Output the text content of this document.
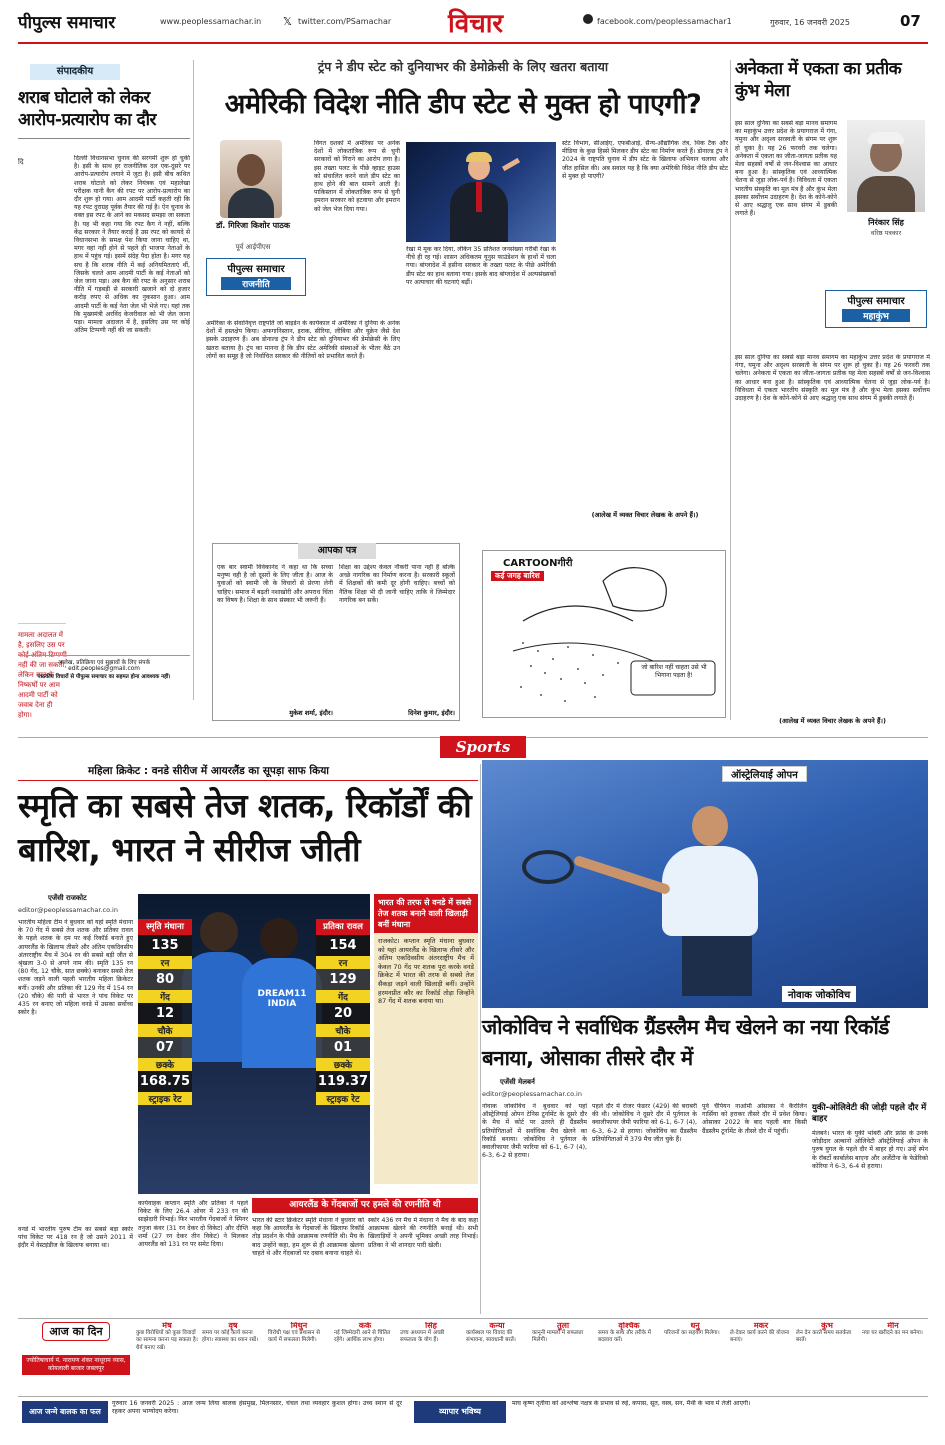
पीपुल्स समाचार	www.peoplessamachar.in 𝕏 twitter.com/PSamachar विचार	facebook.com/peoplessamachar1	गुरुवार, 16 जनवरी 2025	07
संपादकीय
शराब घोटाले को लेकर आरोप-प्रत्यारोप का दौर
दिल्ली विधानसभा चुनाव की सरगर्मी शुरू हो चुकी है। इसी के साथ हर राजनीतिक दल एक-दूसरे पर आरोप-प्रत्यारोप लगाने में जुटा है। इसी बीच कथित शराब घोटाले को लेकर नियंत्रक एवं महालेखा परीक्षक यानी कैग की रपट पर आरोप-प्रत्यारोप का दौर शुरू हो गया। आम आदमी पार्टी कहती रही कि यह रपट दुराग्रह पूर्वक तैयार की गई है। ऐन चुनाव के वक्त इस रपट के आने का मकसद समझा जा सकता है। यह भी कहा गया कि रपट कैग ने नहीं, बल्कि केंद्र सरकार ने तैयार कराई है उस रपट को कायदे से विधानसभा के समक्ष पेश किया जाना चाहिए था, मगर वहां नहीं होने से पहले ही भाजपा नेताओं के हाथ में पहुंच गई। इसमें संदेह पैदा होता है। मगर यह सच है कि शराब नीति में कई अनियमितताएं थीं, जिसके चलते आम आदमी पार्टी के कई नेताओं को जेल जाना पड़ा। अब कैग की रपट के अनुसार शराब नीति में गड़बड़ी से सरकारी खजाने को दो हजार करोड़ रुपए से अधिक का नुकसान हुआ। आम आदमी पार्टी के कई नेता जेल भी भेजे गए। यहां तक कि मुख्यमंत्री अरविंद केजरीवाल को भी जेल जाना पड़ा। मामला अदालत में है, इसलिए उस पर कोई अंतिम टिप्पणी नहीं की जा सकती।
दि
मामला अदालत में है, इसलिए उस पर कोई अंतिम टिप्पणी नहीं की जा सकती, लेकिन रपट के निष्कर्षों पर आम आदमी पार्टी को जवाब देना ही होगा।
आलेख, प्रतिक्रिया एवं सुझावों के लिए संपर्क
edit.peoples@gmail.com
पाठकीय विचारों से पीपुल्स समाचार का सहमत होना आवश्यक नहीं।
ट्रंप ने डीप स्टेट को दुनियाभर की डेमोक्रेसी के लिए खतरा बताया
अमेरिकी विदेश नीति डीप स्टेट से मुक्त हो पाएगी?
डॉ. गिरिजा किशोर पाठक
पूर्व आईपीएस
पीपुल्स समाचार
राजनीति
विगत दशकों में अमेरिका पर अनेक देशों में लोकतांत्रिक रूप से चुनी सरकारों को गिराने का आरोप लगा है। इस तख्ता पलट के पीछे व्हाइट हाउस को संचालित करने वाले डीप स्टेट का हाथ होने की बात सामने आती है। पाकिस्तान में लोकतांत्रिक रूप से चुनी इमरान सरकार को हटवाया और इमरान को जेल भेज दिया गया।
अमेरिका के सेवानिवृत्त राष्ट्रपति जो बाइडेन के कार्यकाल में अमेरिका ने दुनिया के अनेक देशों में हस्तक्षेप किया। अफगानिस्तान, इराक, सीरिया, लीबिया और यूक्रेन जैसे देश इसके उदाहरण हैं। अब डोनाल्ड ट्रंप ने डीप स्टेट को दुनियाभर की डेमोक्रेसी के लिए खतरा बताया है। ट्रंप का मानना है कि डीप स्टेट अमेरिकी संस्थाओं के भीतर बैठे उन लोगों का समूह है जो निर्वाचित सरकार की नीतियों को प्रभावित करते हैं।
रेखा में मूक कर दिया, लेकिन 35 प्रतिशत जनसंख्या गरीबी रेखा के नीचे ही रह गई। शासन अधिकतम यूनुस फाउंडेशन के हाथों में चला गया। बांग्लादेश में हसीना सरकार के तख्ता पलट के पीछे अमेरिकी डीप स्टेट का हाथ बताया गया। इसके बाद बांग्लादेश में अल्पसंख्यकों पर अत्याचार की घटनाएं बढ़ीं।
स्टेट विभाग, सीआईए, एफबीआई, सैन्य-औद्योगिक तंत्र, थिंक टैंक और मीडिया के कुछ हिस्से मिलकर डीप स्टेट का निर्माण करते हैं। डोनाल्ड ट्रंप ने 2024 के राष्ट्रपति चुनाव में डीप स्टेट के खिलाफ अभियान चलाया और जीत हासिल की। अब सवाल यह है कि क्या अमेरिकी विदेश नीति डीप स्टेट से मुक्त हो पाएगी?
(आलेख में व्यक्त विचार लेखक के अपने हैं।)
आपका पत्र
एक बार स्वामी विवेकानंद ने कहा था कि सच्चा मनुष्य वही है जो दूसरों के लिए जीता है। आज के युवाओं को स्वामी जी के विचारों से प्रेरणा लेनी चाहिए। समाज में बढ़ती नशाखोरी और अपराध चिंता का विषय है। शिक्षा के साथ संस्कार भी जरूरी हैं।
मुकेश शर्मा, इंदौर।
शिक्षा का उद्देश्य केवल नौकरी पाना नहीं है बल्कि अच्छे नागरिक का निर्माण करना है। सरकारी स्कूलों में शिक्षकों की कमी दूर होनी चाहिए। बच्चों को नैतिक शिक्षा भी दी जानी चाहिए ताकि वे जिम्मेदार नागरिक बन सकें।
दिनेश कुमार, इंदौर।
CARTOONगीरी
कई जगह बारिश
जो बारिश नहीं चाहता उसे भी भिगाना पड़ता है!
अनेकता में एकता का प्रतीक कुंभ मेला
इस साल दुनिया का सबसे बड़ा मानव समागम का महाकुंभ उत्तर प्रदेश के प्रयागराज में गंगा, यमुना और अदृश्य सरस्वती के संगम पर शुरू हो चुका है। यह 26 फरवरी तक चलेगा। अनेकता में एकता का जीता-जागता प्रतीक यह मेला सहस्त्रों वर्षों से जन-विश्वास का आधार बना हुआ है। सांस्कृतिक एवं आध्यात्मिक चेतना से जुड़ा लोक-पर्व है। विविधता में एकता भारतीय संस्कृति का मूल मंत्र है और कुंभ मेला इसका सर्वोत्तम उदाहरण है। देश के कोने-कोने से आए श्रद्धालु एक साथ संगम में डुबकी लगाते हैं।
निरंकार सिंह
वरिष्ठ पत्रकार
पीपुल्स समाचार
महाकुंभ
इस साल दुनिया का सबसे बड़ा मानव समागम का महाकुंभ उत्तर प्रदेश के प्रयागराज में गंगा, यमुना और अदृश्य सरस्वती के संगम पर शुरू हो चुका है। यह 26 फरवरी तक चलेगा। अनेकता में एकता का जीता-जागता प्रतीक यह मेला सहस्त्रों वर्षों से जन-विश्वास का आधार बना हुआ है। सांस्कृतिक एवं आध्यात्मिक चेतना से जुड़ा लोक-पर्व है। विविधता में एकता भारतीय संस्कृति का मूल मंत्र है और कुंभ मेला इसका सर्वोत्तम उदाहरण है। देश के कोने-कोने से आए श्रद्धालु एक साथ संगम में डुबकी लगाते हैं।
(आलेख में व्यक्त विचार लेखक के अपने हैं।)
Sports
महिला क्रिकेट : वनडे सीरीज में आयरलैंड का सूपड़ा साफ किया
स्मृति का सबसे तेज शतक, रिकॉर्डों की बारिश, भारत ने सीरीज जीती
एजेंसी राजकोट
editor@peoplessamachar.co.in
भारतीय महिला टीम ने बुधवार को यहां स्मृति मंधाना के 70 गेंद में सबसे तेज शतक और प्रतिका रावल के पहले शतक के दम पर कई रिकॉर्ड बनाते हुए आयरलैंड के खिलाफ तीसरे और अंतिम एकदिवसीय अंतरराष्ट्रीय मैच में 304 रन की सबसे बड़ी जीत से श्रृंखला 3-0 से अपने नाम की। स्मृति 135 रन (80 गेंद, 12 चौके, सात छक्के) बनाकर सबसे तेज शतक जड़ने वाली पहली भारतीय महिला क्रिकेटर बनीं। उनकी और प्रतिका की 129 गेंद में 154 रन (20 चौके) की पारी से भारत ने पांच विकेट पर 435 रन बनाए जो महिला वनडे में उसका सर्वोच्च स्कोर है।
वनडे में भारतीय पुरुष टीम का सबसे बड़ा स्कोर पांच विकेट पर 418 रन है जो उसने 2011 में इंदौर में वेस्टइंडीज के खिलाफ बनाया था।
DREAM11 INDIA
स्मृति मंधाना
135
रन
80
गेंद
12
चौके
07
छक्के
168.75
स्ट्राइक रेट
प्रतिका रावल
154
रन
129
गेंद
20
चौके
01
छक्के
119.37
स्ट्राइक रेट
भारत की तरफ से वनडे में सबसे तेज शतक बनाने वाली खिलाड़ी बनीं मंधाना
राजकोट। कप्तान स्मृति मंधाना बुधवार को यहां आयरलैंड के खिलाफ तीसरे और अंतिम एकदिवसीय अंतरराष्ट्रीय मैच में केवल 70 गेंद पर शतक पूरा करके वनडे क्रिकेट में भारत की तरफ से सबसे तेज सैकड़ा जड़ने वाली खिलाड़ी बनीं। उन्होंने हरमनप्रीत कौर का रिकॉर्ड तोड़ा जिन्होंने 87 गेंद में शतक बनाया था।
कार्यवाहक कप्तान स्मृति और प्रतिका ने पहले विकेट के लिए 26.4 ओवर में 233 रन की साझेदारी निभाई। फिर भारतीय गेंदबाजों ने स्पिनर तनुजा कंवर (31 रन देकर दो विकेट) और दीप्ति शर्मा (27 रन देकर तीन विकेट) ने मिलकर आयरलैंड को 131 रन पर समेट दिया।
आयरलैंड के गेंदबाजों पर हमले की रणनीति थी
भारत की स्टार क्रिकेटर स्मृति मंधाना ने बुधवार को कहा कि आयरलैंड के गेंदबाजों के खिलाफ रिकॉर्ड तोड़ प्रदर्शन के पीछे आक्रामक रणनीति थी। मैच के बाद उन्होंने कहा, हम शुरू से ही आक्रामक खेलना चाहते थे और गेंदबाजों पर दबाव बनाना चाहते थे।
स्कोर 436 रन मैच में मंधाना ने मैच के बाद कहा आक्रामक खेलने की रणनीति बनाई थी। सभी खिलाड़ियों ने अपनी भूमिका अच्छी तरह निभाई। प्रतिका ने भी शानदार पारी खेली।
ऑस्ट्रेलियाई ओपन
नोवाक जोकोविच
जोकोविच ने सर्वाधिक ग्रैंडस्लैम मैच खेलने का नया रिकॉर्ड बनाया, ओसाका तीसरे दौर में
एजेंसी मेलबर्न
editor@peoplessamachar.co.in
नोवाक जोकोविच ने बुधवार को यहां ऑस्ट्रेलियाई ओपन टेनिस टूर्नामेंट के दूसरे दौर के मैच में कोर्ट पर उतरते ही ग्रैंडस्लैम प्रतियोगिताओं में सर्वाधिक मैच खेलने का रिकॉर्ड बनाया। जोकोविच ने पुर्तगाल के क्वालीफायर जैमी फारिया को 6-1, 6-7 (4), 6-3, 6-2 से हराया।
पहले दौर में रोजर फेडरर (429) की बराबरी की थी। जोकोविच ने दूसरे दौर में पुर्तगाल के क्वालीफायर जैमी फारिया को 6-1, 6-7 (4), 6-3, 6-2 से हराया। जोकोविच का ग्रैंडस्लैम प्रतियोगिताओं में 379 मैच जीत चुके हैं।
पूर्व चैंपियन नाओमी ओसाका ने कैरोलिन गार्सिया को हराकर तीसरे दौर में प्रवेश किया। ओसाका 2022 के बाद पहली बार किसी ग्रैंडस्लैम टूर्नामेंट के तीसरे दौर में पहुंचीं।
युकी-ओलिवेटी की जोड़ी पहले दौर में बाहर
मेलबर्न। भारत के युकी भांबरी और फ्रांस के उनके जोड़ीदार अल्बानो ओलिवेटी ऑस्ट्रेलियाई ओपन के पुरुष युगल के पहले दौर में बाहर हो गए। उन्हें स्पेन के रॉबर्टो कार्बालेस बाएना और अर्जेंटीना के फेडेरिको कोरिया ने 6-3, 6-4 से हराया।
आज का दिन
ज्योतिषाचार्य पं. नारायण शंकर नाथूराम व्यास, कोयलाली बाजार जबलपुर
मेष
कुछ विरोधियों को कुछ विवादों का सामना करना पड़ सकता है। धैर्य बनाए रखें।
वृष
समय पर कोई कार्य करना होगा। स्वास्थ्य का ध्यान रखें।
मिथुन
विरोधी पक्ष एवं प्रशासन से कार्य में सफलता मिलेगी।
कर्क
नई जिम्मेदारी आने से चिंतित रहेंगे। आर्थिक लाभ होगा।
सिंह
उच्च अध्ययन में अच्छी सफलता के योग हैं।
कन्या
कार्यस्थल पर विवाद की संभावना, सावधानी बरतें।
तुला
कानूनी मामलों में सफलता मिलेगी।
वृश्चिक
समय के साथ तौर तरीके में बदलाव करें।
धनु
परिजनों का सहयोग मिलेगा।
मकर
ले-देकर कार्य करने की योजना बनाएं।
कुंभ
लेन देन करते समय सतर्कता बरतें।
मीन
नया घर खरीदने का मन बनेगा।
आज जन्मे बालक का फल
गुरुवार 16 जनवरी 2025 : आज जन्म लिया बालक हंसमुख, मिलनसार, चंचल तथा व्यवहार कुशल होगा। उच्च स्थान से दूर रहकर अपना भाग्योदय करेगा।	व्यापार भविष्य
माघ कृष्ण तृतीया को आश्लेषा नक्षत्र के प्रभाव से रुई, कपास, सूत, वस्त्र, सन, मैथी के भाव में तेजी आएगी।
